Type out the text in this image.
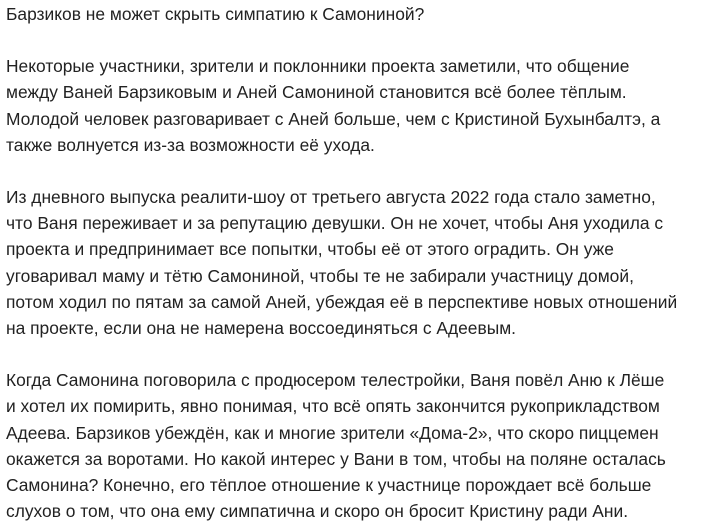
Барзиков не может скрыть симпатию к Самониной?

Некоторые участники, зрители и поклонники проекта заметили, что общение
между Ваней Барзиковым и Аней Самониной становится всё более тёплым.
Молодой человек разговаривает с Аней больше, чем с Кристиной Бухынбалтэ, а
также волнуется из-за возможности её ухода.

Из дневного выпуска реалити-шоу от третьего августа 2022 года стало заметно,
что Ваня переживает и за репутацию девушки. Он не хочет, чтобы Аня уходила с
проекта и предпринимает все попытки, чтобы её от этого оградить. Он уже
уговаривал маму и тётю Самониной, чтобы те не забирали участницу домой,
потом ходил по пятам за самой Аней, убеждая её в перспективе новых отношений
на проекте, если она не намерена воссоединяться с Адеевым.

Когда Самонина поговорила с продюсером телестройки, Ваня повёл Аню к Лёше
и хотел их помирить, явно понимая, что всё опять закончится рукоприкладством
Адеева. Барзиков убеждён, как и многие зрители «Дома-2», что скоро пиццемен
окажется за воротами. Но какой интерес у Вани в том, чтобы на поляне осталась
Самонина? Конечно, его тёплое отношение к участнице порождает всё больше
слухов о том, что она ему симпатична и скоро он бросит Кристину ради Ани.
